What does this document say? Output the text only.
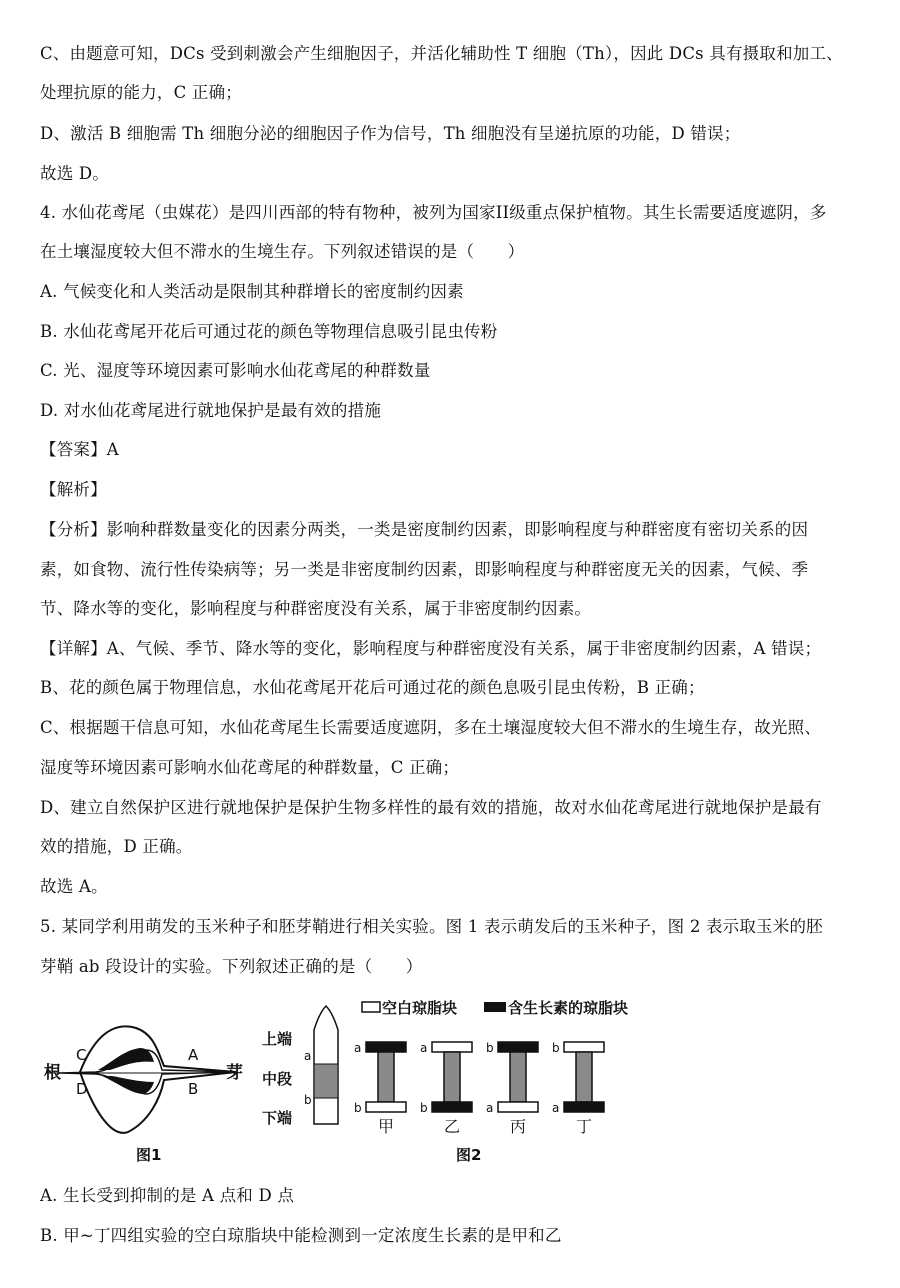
C、由题意可知，DCs 受到刺激会产生细胞因子，并活化辅助性 T 细胞（Th），因此 DCs 具有摄取和加工、
处理抗原的能力，C 正确；
D、激活 B 细胞需 Th 细胞分泌的细胞因子作为信号，Th 细胞没有呈递抗原的功能，D 错误；
故选 D。
4. 水仙花鸢尾（虫媒花）是四川西部的特有物种，被列为国家II级重点保护植物。其生长需要适度遮阴，多
在土壤湿度较大但不滞水的生境生存。下列叙述错误的是（　　）
A. 气候变化和人类活动是限制其种群增长的密度制约因素
B. 水仙花鸢尾开花后可通过花的颜色等物理信息吸引昆虫传粉
C. 光、湿度等环境因素可影响水仙花鸢尾的种群数量
D. 对水仙花鸢尾进行就地保护是最有效的措施
【答案】A
【解析】
【分析】影响种群数量变化的因素分两类，一类是密度制约因素，即影响程度与种群密度有密切关系的因
素，如食物、流行性传染病等；另一类是非密度制约因素，即影响程度与种群密度无关的因素，气候、季
节、降水等的变化，影响程度与种群密度没有关系，属于非密度制约因素。
【详解】A、气候、季节、降水等的变化，影响程度与种群密度没有关系，属于非密度制约因素，A 错误；
B、花的颜色属于物理信息，水仙花鸢尾开花后可通过花的颜色息吸引昆虫传粉，B 正确；
C、根据题干信息可知，水仙花鸢尾生长需要适度遮阴，多在土壤湿度较大但不滞水的生境生存，故光照、
湿度等环境因素可影响水仙花鸢尾的种群数量，C 正确；
D、建立自然保护区进行就地保护是保护生物多样性的最有效的措施，故对水仙花鸢尾进行就地保护是最有
效的措施，D 正确。
故选 A。
5. 某同学利用萌发的玉米种子和胚芽鞘进行相关实验。图 1 表示萌发后的玉米种子，图 2 表示取玉米的胚
芽鞘 ab 段设计的实验。下列叙述正确的是（　　）
根	芽
C
D
A
B
图1
上端
中段
下端
a
b
空白琼脂块	含生长素的琼脂块
a
b
甲
a
b
乙
b
a
丙
b
a
丁
图2
A. 生长受到抑制的是 A 点和 D 点
B. 甲~丁四组实验的空白琼脂块中能检测到一定浓度生长素的是甲和乙
